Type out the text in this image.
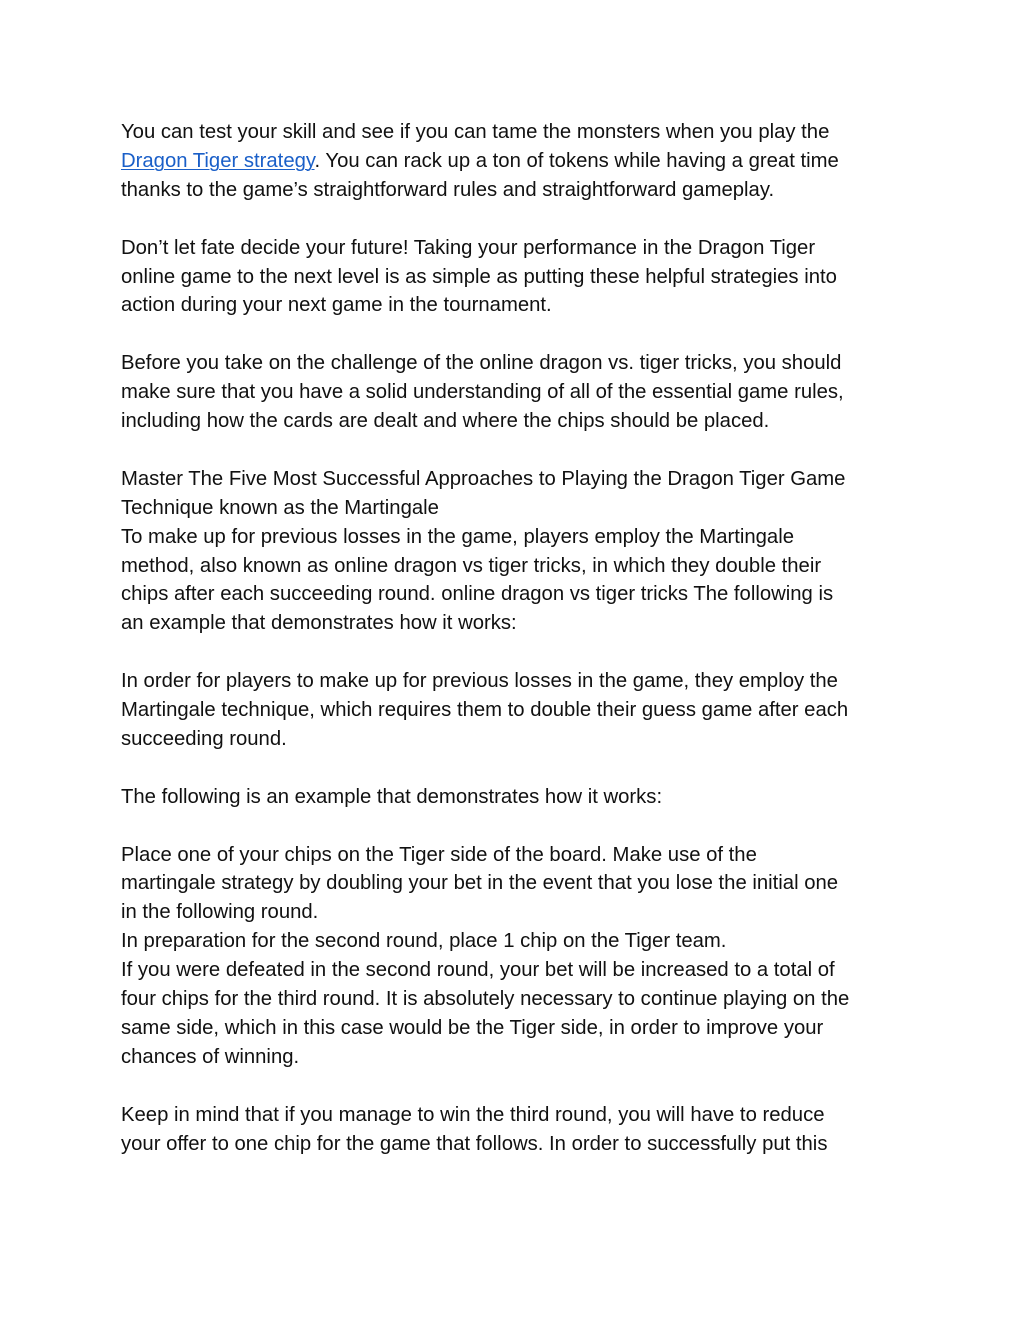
You can test your skill and see if you can tame the monsters when you play the
Dragon Tiger strategy. You can rack up a ton of tokens while having a great time
thanks to the game’s straightforward rules and straightforward gameplay.

Don’t let fate decide your future! Taking your performance in the Dragon Tiger
online game to the next level is as simple as putting these helpful strategies into
action during your next game in the tournament.

Before you take on the challenge of the online dragon vs. tiger tricks, you should
make sure that you have a solid understanding of all of the essential game rules,
including how the cards are dealt and where the chips should be placed.

Master The Five Most Successful Approaches to Playing the Dragon Tiger Game
Technique known as the Martingale
To make up for previous losses in the game, players employ the Martingale
method, also known as online dragon vs tiger tricks, in which they double their
chips after each succeeding round. online dragon vs tiger tricks The following is
an example that demonstrates how it works:

In order for players to make up for previous losses in the game, they employ the
Martingale technique, which requires them to double their guess game after each
succeeding round.

The following is an example that demonstrates how it works:

Place one of your chips on the Tiger side of the board. Make use of the
martingale strategy by doubling your bet in the event that you lose the initial one
in the following round.
In preparation for the second round, place 1 chip on the Tiger team.
If you were defeated in the second round, your bet will be increased to a total of
four chips for the third round. It is absolutely necessary to continue playing on the
same side, which in this case would be the Tiger side, in order to improve your
chances of winning.

Keep in mind that if you manage to win the third round, you will have to reduce
your offer to one chip for the game that follows. In order to successfully put this
